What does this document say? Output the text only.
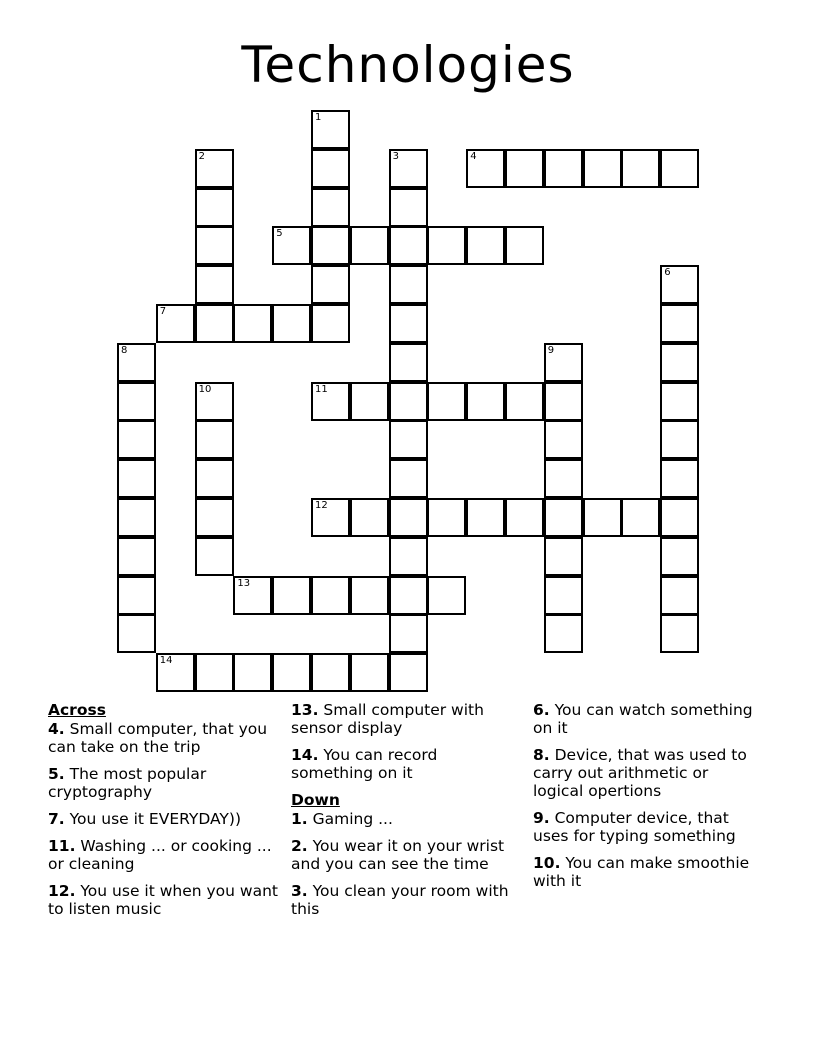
Technologies
1
2	3	4
5
6
7
8	9
10	11
12
13
14
Across
4. Small computer, that you can take on the trip
5. The most popular cryptography
7. You use it EVERYDAY))
11. Washing ... or cooking ... or cleaning
12. You use it when you want to listen music
13. Small computer with sensor display
14. You can record something on it
Down
1. Gaming ...
2. You wear it on your wrist and you can see the time
3. You clean your room with this
6. You can watch something on it
8. Device, that was used to carry out arithmetic or logical opertions
9. Computer device, that uses for typing something
10. You can make smoothie with it
